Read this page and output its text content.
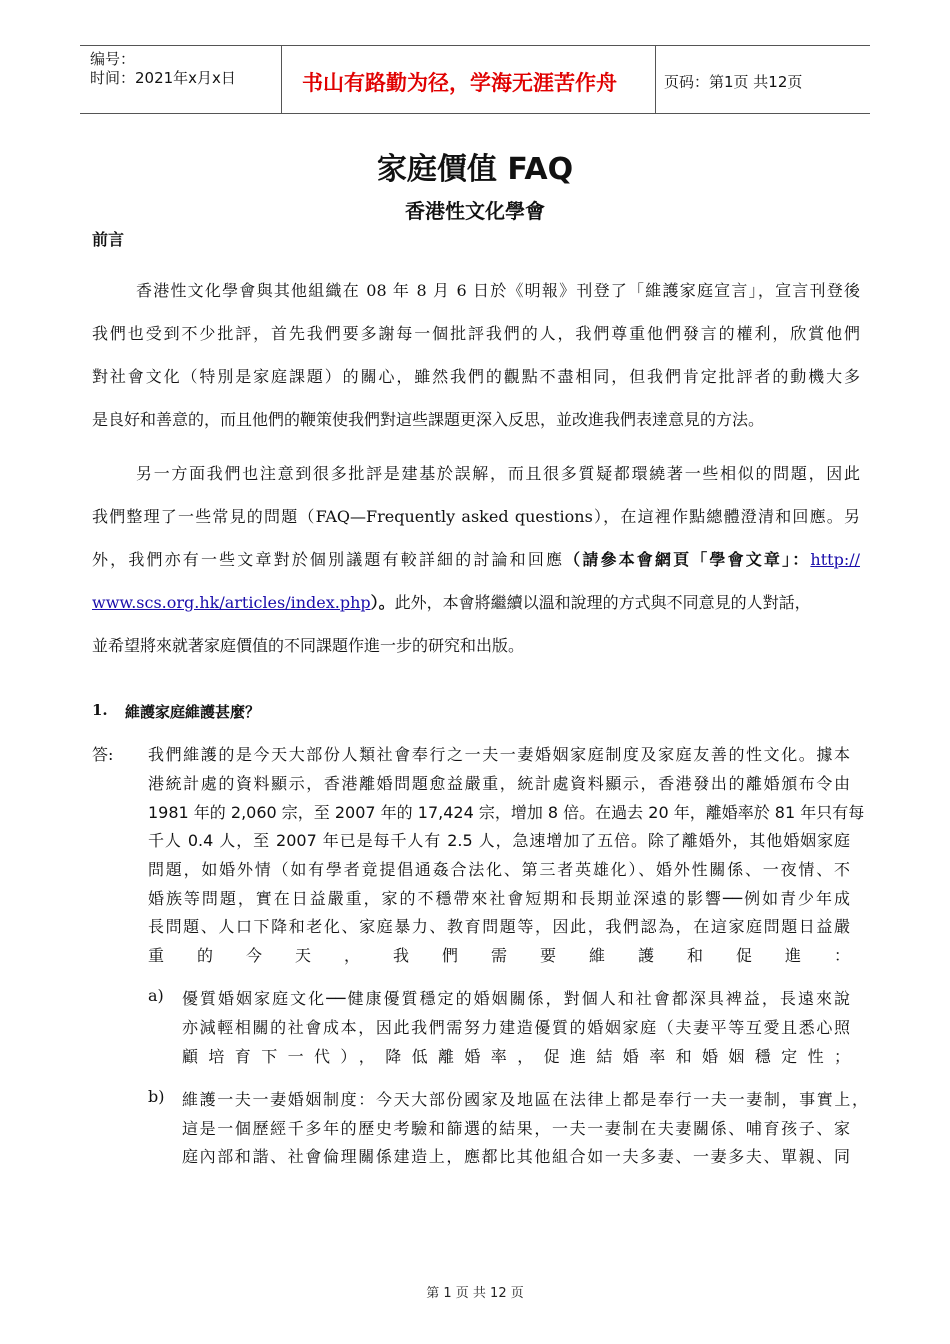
编号：
时间：2021年x月x日	书山有路勤为径，学海无涯苦作舟	页码：第1页 共12页
家庭價值 FAQ
香港性文化學會
前言
香港性文化學會與其他組織在 08 年 8 月 6 日於《明報》刊登了「維護家庭宣言」，宣言刊登後
我們也受到不少批評，首先我們要多謝每一個批評我們的人，我們尊重他們發言的權利，欣賞他們
對社會文化（特別是家庭課題）的關心，雖然我們的觀點不盡相同，但我們肯定批評者的動機大多
是良好和善意的，而且他們的鞭策使我們對這些課題更深入反思，並改進我們表達意見的方法。
另一方面我們也注意到很多批評是建基於誤解，而且很多質疑都環繞著一些相似的問題，因此
我們整理了一些常見的問題（FAQ—Frequently asked questions），在這裡作點總體澄清和回應。另
外，我們亦有一些文章對於個別議題有較詳細的討論和回應（請參本會網頁「學會文章」：http://
www.scs.org.hk/articles/index.php）。此外，本會將繼續以溫和說理的方式與不同意見的人對話，
並希望將來就著家庭價值的不同課題作進一步的研究和出版。
1. 維護家庭維護甚麼？
答: 我們維護的是今天大部份人類社會奉行之一夫一妻婚姻家庭制度及家庭友善的性文化。據本
港統計處的資料顯示，香港離婚問題愈益嚴重，統計處資料顯示，香港發出的離婚頒布令由
1981 年的 2,060 宗，至 2007 年的 17,424 宗，增加 8 倍。在過去 20 年，離婚率於 81 年只有每
千人 0.4 人，至 2007 年已是每千人有 2.5 人，急速增加了五倍。除了離婚外，其他婚姻家庭
問題，如婚外情（如有學者竟提倡通姦合法化、第三者英雄化）、婚外性關係、一夜情、不
婚族等問題，實在日益嚴重，家的不穩帶來社會短期和長期並深遠的影響──例如青少年成
長問題、人口下降和老化、家庭暴力、教育問題等，因此，我們認為，在這家庭問題日益嚴
重的今天，我們需要維護和促進：
a) 優質婚姻家庭文化──健康優質穩定的婚姻關係，對個人和社會都深具裨益，長遠來說
亦減輕相關的社會成本，因此我們需努力建造優質的婚姻家庭（夫妻平等互愛且悉心照
顧培育下一代），降低離婚率，促進結婚率和婚姻穩定性；
b) 維護一夫一妻婚姻制度：今天大部份國家及地區在法律上都是奉行一夫一妻制，事實上，
這是一個歷經千多年的歷史考驗和篩選的結果，一夫一妻制在夫妻關係、哺育孩子、家
庭內部和諧、社會倫理關係建造上，應都比其他組合如一夫多妻、一妻多夫、單親、同
第 1 页 共 12 页
